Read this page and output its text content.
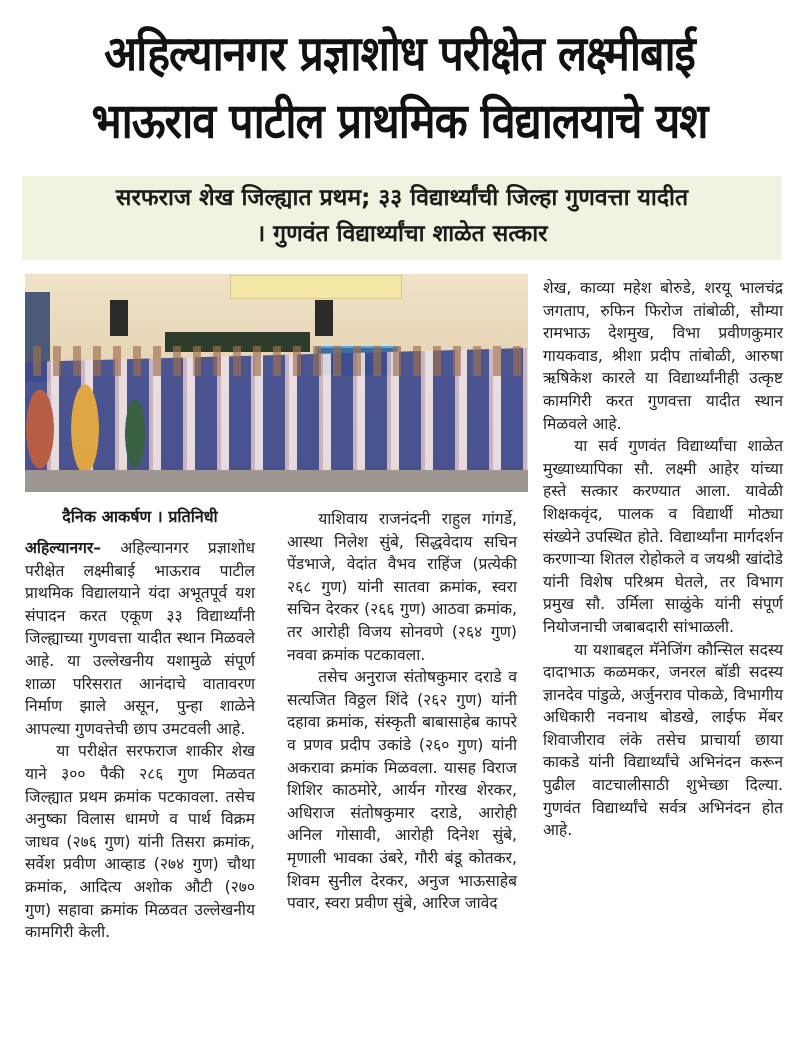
अहिल्यानगर प्रज्ञाशोध परीक्षेत लक्ष्मीबाई
भाऊराव पाटील प्राथमिक विद्यालयाचे यश
सरफराज शेख जिल्ह्यात प्रथम; ३३ विद्यार्थ्यांची जिल्हा गुणवत्ता यादीत
। गुणवंत विद्यार्थ्यांचा शाळेत सत्कार
दैनिक आकर्षण । प्रतिनिधी

अहिल्यानगर– अहिल्यानगर प्रज्ञाशोध परीक्षेत लक्ष्मीबाई भाऊराव पाटील प्राथमिक विद्यालयाने यंदा अभूतपूर्व यश संपादन करत एकूण ३३ विद्यार्थ्यांनी जिल्ह्याच्या गुणवत्ता यादीत स्थान मिळवले आहे. या उल्लेखनीय यशामुळे संपूर्ण शाळा परिसरात आनंदाचे वातावरण निर्माण झाले असून, पुन्हा शाळेने आपल्या गुणवत्तेची छाप उमटवली आहे.

या परीक्षेत सरफराज शाकीर शेख याने ३०० पैकी २८६ गुण मिळवत जिल्ह्यात प्रथम क्रमांक पटकावला. तसेच अनुष्का विलास धामणे व पार्थ विक्रम जाधव (२७६ गुण) यांनी तिसरा क्रमांक, सर्वेश प्रवीण आव्हाड (२७४ गुण) चौथा क्रमांक, आदित्य अशोक औटी (२७० गुण) सहावा क्रमांक मिळवत उल्लेखनीय कामगिरी केली.

याशिवाय राजनंदनी राहुल गांगर्डे, आस्था निलेश सुंबे, सिद्धवेदाय सचिन पेंडभाजे, वेदांत वैभव राहिंज (प्रत्येकी २६८ गुण) यांनी सातवा क्रमांक, स्वरा सचिन देरकर (२६६ गुण) आठवा क्रमांक, तर आरोही विजय सोनवणे (२६४ गुण) नववा क्रमांक पटकावला.

तसेच अनुराज संतोषकुमार दराडे व सत्यजित विठ्ठल शिंदे (२६२ गुण) यांनी दहावा क्रमांक, संस्कृती बाबासाहेब कापरे व प्रणव प्रदीप उकांडे (२६० गुण) यांनी अकरावा क्रमांक मिळवला. यासह विराज शिशिर काठमोरे, आर्यन गोरख शेरकर, अधिराज संतोषकुमार दराडे, आरोही अनिल गोसावी, आरोही दिनेश सुंबे, मृणाली भावका उंबरे, गौरी बंडू कोतकर, शिवम सुनील देरकर, अनुज भाऊसाहेब पवार, स्वरा प्रवीण सुंबे, आरिज जावेद

शेख, काव्या महेश बोरुडे, शरयू भालचंद्र जगताप, रुफिन फिरोज तांबोळी, सौम्या रामभाऊ देशमुख, विभा प्रवीणकुमार गायकवाड, श्रीशा प्रदीप तांबोळी, आरुषा ऋषिकेश कारले या विद्यार्थ्यांनीही उत्कृष्ट कामगिरी करत गुणवत्ता यादीत स्थान मिळवले आहे.

या सर्व गुणवंत विद्यार्थ्यांचा शाळेत मुख्याध्यापिका सौ. लक्ष्मी आहेर यांच्या हस्ते सत्कार करण्यात आला. यावेळी शिक्षकवृंद, पालक व विद्यार्थी मोठ्या संख्येने उपस्थित होते. विद्यार्थ्यांना मार्गदर्शन करणाऱ्या शितल रोहोकले व जयश्री खांदोडे यांनी विशेष परिश्रम घेतले, तर विभाग प्रमुख सौ. उर्मिला साळुंके यांनी संपूर्ण नियोजनाची जबाबदारी सांभाळली.

या यशाबद्दल मॅनेजिंग कौन्सिल सदस्य दादाभाऊ कळमकर, जनरल बॉडी सदस्य ज्ञानदेव पांडुळे, अर्जुनराव पोकळे, विभागीय अधिकारी नवनाथ बोडखे, लाईफ मेंबर शिवाजीराव लंके तसेच प्राचार्या छाया काकडे यांनी विद्यार्थ्यांचे अभिनंदन करून पुढील वाटचालीसाठी शुभेच्छा दिल्या. गुणवंत विद्यार्थ्यांचे सर्वत्र अभिनंदन होत आहे.
